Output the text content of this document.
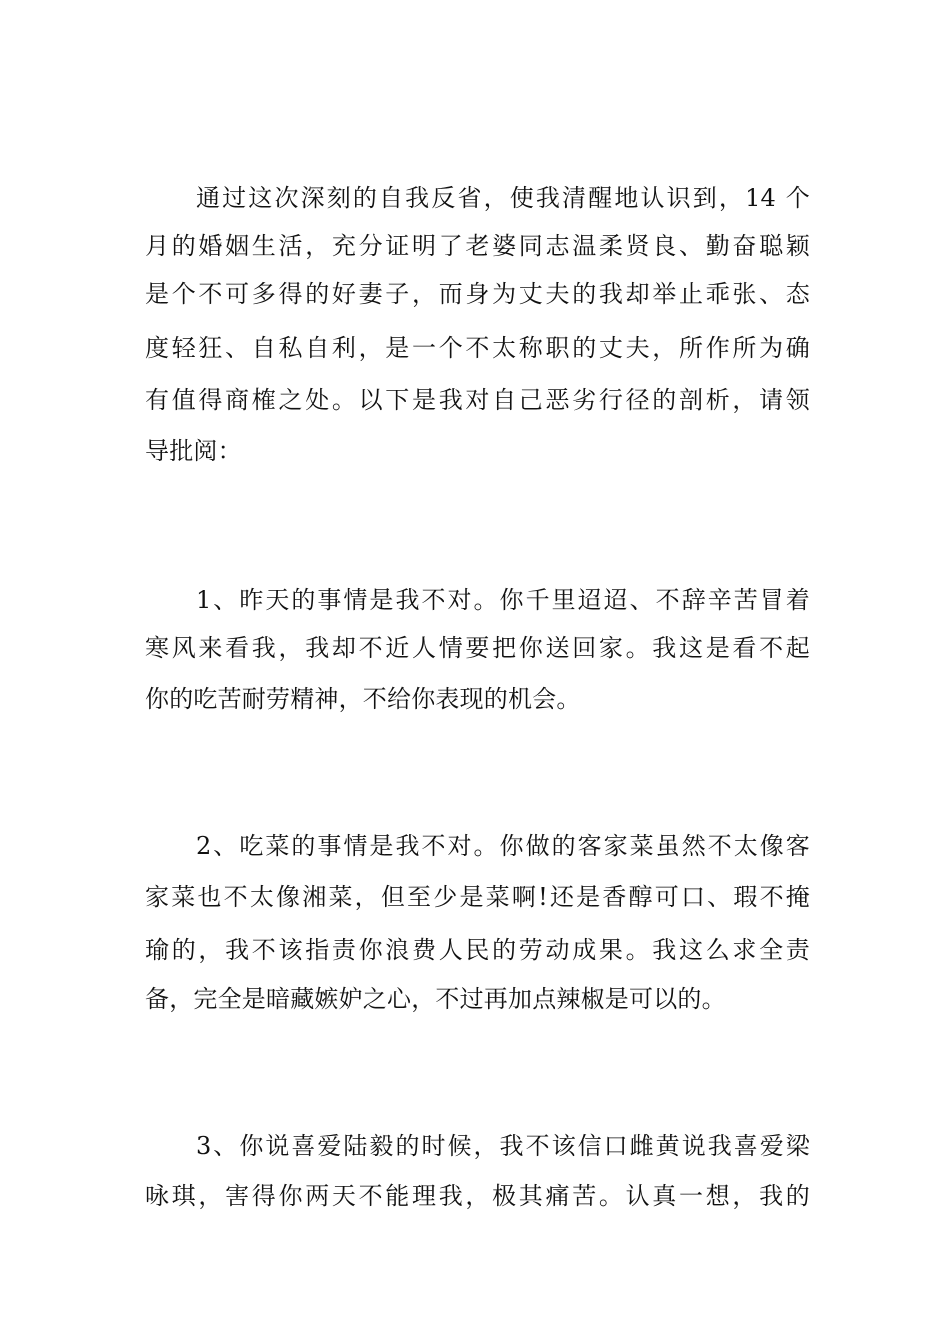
通过这次深刻的自我反省，使我清醒地认识到，14 个
月的婚姻生活，充分证明了老婆同志温柔贤良、勤奋聪颖
是个不可多得的好妻子，而身为丈夫的我却举止乖张、态
度轻狂、自私自利，是一个不太称职的丈夫，所作所为确
有值得商榷之处。以下是我对自己恶劣行径的剖析，请领
导批阅：
1、昨天的事情是我不对。你千里迢迢、不辞辛苦冒着
寒风来看我，我却不近人情要把你送回家。我这是看不起
你的吃苦耐劳精神，不给你表现的机会。
2、吃菜的事情是我不对。你做的客家菜虽然不太像客
家菜也不太像湘菜，但至少是菜啊!还是香醇可口、瑕不掩
瑜的，我不该指责你浪费人民的劳动成果。我这么求全责
备，完全是暗藏嫉妒之心，不过再加点辣椒是可以的。
3、你说喜爱陆毅的时候，我不该信口雌黄说我喜爱梁
咏琪，害得你两天不能理我，极其痛苦。认真一想，我的
